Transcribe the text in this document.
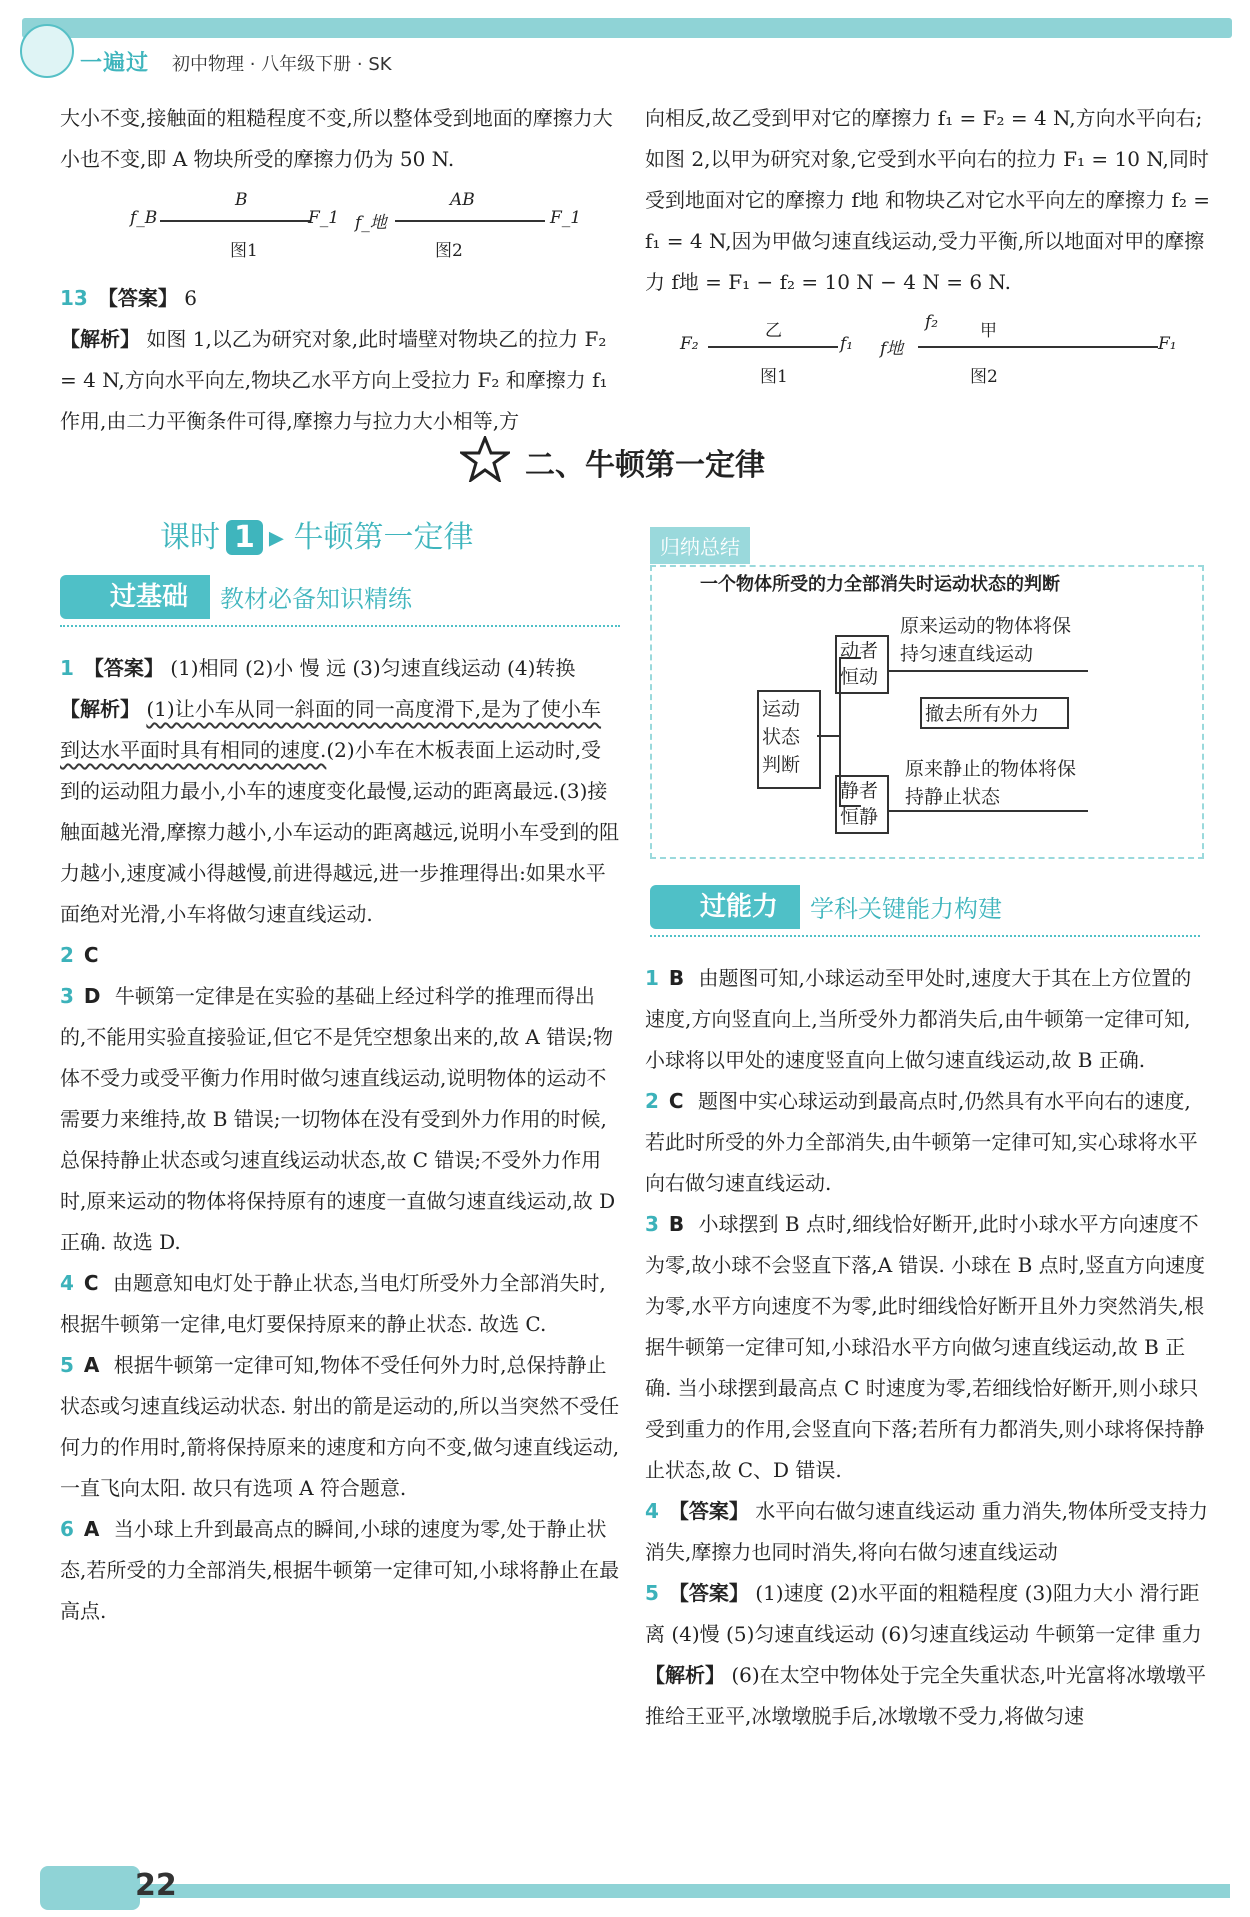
一遍过 初中物理 · 八年级下册 · SK
大小不变,接触面的粗糙程度不变,所以整体受到地面的摩擦力大小也不变,即 A 物块所受的摩擦力仍为 50 N.
B
f_B	F_1
图1
AB
f_地	F_1
图2
13 【答案】 6
【解析】 如图 1,以乙为研究对象,此时墙壁对物块乙的拉力 F₂ = 4 N,方向水平向左,物块乙水平方向上受拉力 F₂ 和摩擦力 f₁ 作用,由二力平衡条件可得,摩擦力与拉力大小相等,方
向相反,故乙受到甲对它的摩擦力 f₁ = F₂ = 4 N,方向水平向右;如图 2,以甲为研究对象,它受到水平向右的拉力 F₁ = 10 N,同时受到地面对它的摩擦力 f地 和物块乙对它水平向左的摩擦力 f₂ = f₁ = 4 N,因为甲做匀速直线运动,受力平衡,所以地面对甲的摩擦力 f地 = F₁ − f₂ = 10 N − 4 N = 6 N.
乙
F₂	f₁
图1
f₂ 甲
f地	F₁
图2
二、牛顿第一定律
课时 1 ▸ 牛顿第一定律
过基础	教材必备知识精练
归纳总结
一个物体所受的力全部消失时运动状态的判断
运动状态判断
动者恒动
静者恒静
原来运动的物体将保持匀速直线运动
撤去所有外力
原来静止的物体将保持静止状态
过能力	学科关键能力构建
1 【答案】 (1)相同 (2)小 慢 远 (3)匀速直线运动 (4)转换
【解析】 (1)让小车从同一斜面的同一高度滑下,是为了使小车到达水平面时具有相同的速度.(2)小车在木板表面上运动时,受到的运动阻力最小,小车的速度变化最慢,运动的距离最远.(3)接触面越光滑,摩擦力越小,小车运动的距离越远,说明小车受到的阻力越小,速度减小得越慢,前进得越远,进一步推理得出:如果水平面绝对光滑,小车将做匀速直线运动.
2 C
3 D 牛顿第一定律是在实验的基础上经过科学的推理而得出的,不能用实验直接验证,但它不是凭空想象出来的,故 A 错误;物体不受力或受平衡力作用时做匀速直线运动,说明物体的运动不需要力来维持,故 B 错误;一切物体在没有受到外力作用的时候,总保持静止状态或匀速直线运动状态,故 C 错误;不受外力作用时,原来运动的物体将保持原有的速度一直做匀速直线运动,故 D 正确. 故选 D.
4 C 由题意知电灯处于静止状态,当电灯所受外力全部消失时,根据牛顿第一定律,电灯要保持原来的静止状态. 故选 C.
5 A 根据牛顿第一定律可知,物体不受任何外力时,总保持静止状态或匀速直线运动状态. 射出的箭是运动的,所以当突然不受任何力的作用时,箭将保持原来的速度和方向不变,做匀速直线运动,一直飞向太阳. 故只有选项 A 符合题意.
6 A 当小球上升到最高点的瞬间,小球的速度为零,处于静止状态,若所受的力全部消失,根据牛顿第一定律可知,小球将静止在最高点.
1 B 由题图可知,小球运动至甲处时,速度大于其在上方位置的速度,方向竖直向上,当所受外力都消失后,由牛顿第一定律可知,小球将以甲处的速度竖直向上做匀速直线运动,故 B 正确.
2 C 题图中实心球运动到最高点时,仍然具有水平向右的速度,若此时所受的外力全部消失,由牛顿第一定律可知,实心球将水平向右做匀速直线运动.
3 B 小球摆到 B 点时,细线恰好断开,此时小球水平方向速度不为零,故小球不会竖直下落,A 错误. 小球在 B 点时,竖直方向速度为零,水平方向速度不为零,此时细线恰好断开且外力突然消失,根据牛顿第一定律可知,小球沿水平方向做匀速直线运动,故 B 正确. 当小球摆到最高点 C 时速度为零,若细线恰好断开,则小球只受到重力的作用,会竖直向下落;若所有力都消失,则小球将保持静止状态,故 C、D 错误.
4 【答案】 水平向右做匀速直线运动 重力消失,物体所受支持力消失,摩擦力也同时消失,将向右做匀速直线运动
5 【答案】 (1)速度 (2)水平面的粗糙程度 (3)阻力大小 滑行距离 (4)慢 (5)匀速直线运动 (6)匀速直线运动 牛顿第一定律 重力
【解析】 (6)在太空中物体处于完全失重状态,叶光富将冰墩墩平推给王亚平,冰墩墩脱手后,冰墩墩不受力,将做匀速
22
